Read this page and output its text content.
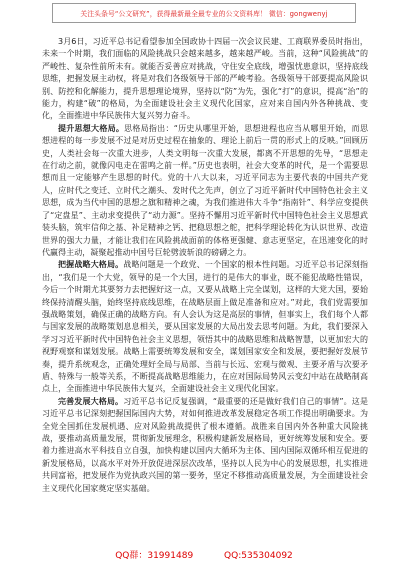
关注头条号“公文研究”，获得最新最全最专业的公文资料库！ 微信：gongwenyj

3月6日，习近平总书记看望参加全国政协十四届一次会议民建、工商联界委员时指出，未来一个时期，我们面临的风险挑战只会越来越多，越来越严峻。当前，这种“风险挑战”的严峻性、复杂性前所未有。就能否妥善应对挑战，守住安全底线，增强忧患意识，坚持底线思维，把握发展主动权，将是对我们各级领导干部的严峻考验。各级领导干部要提高风险识别、防控和化解能力，提升思想理论境界，坚持以“防”为先，强化“打”的意识，提高“治”的能力，构建“破”的格局，为全面建设社会主义现代化国家，应对来自国内外各种挑战、变化，全面推进中华民族伟大复兴努力奋斗。

提升思想大格局。思格局指出：“历史从哪里开始，思想进程也应当从哪里开始，而思想进程的每一步发展不过是对历史过程在抽象的、理论上前后一贯的形式上的反映。”回顾历史，人类社会每一次重大进步，人类文明每一次重大发展，都离不开思想的先导，“思想走在行动之前，就像闪电走在雷鸣之前一样。”历史也表明，社会大变革的时代，是一个需要思想而且一定能够产生思想的时代。党的十八大以来，习近平同志为主要代表的中国共产党人，应时代之变迁、立时代之潮头、发时代之先声，创立了习近平新时代中国特色社会主义思想，成为当代中国的思想之旗和精神之魂，为我们推进伟大斗争“指南针”、科学应变提供了“定盘星”、主动求变提供了“动力源”。坚持不懈用习近平新时代中国特色社会主义思想武装头脑，筑牢信仰之基、补足精神之钙、把稳思想之舵，把科学理论转化为认识世界、改造世界的强大力量，才能让我们在风险挑战面前的体格更强健、意志更坚定，在迅速变化的时代赢得主动，凝聚起推动中国号巨轮劈波斩浪的磅礴之力。

把握战略大格局。战略问题是一个政党、一个国家的根本性问题。习近平总书记深刻指出，“我们是一个大党，领导的是一个大国，进行的是伟大的事业，既不能犯战略性错误，今后一个时期尤其要努力去把握好这一点，又要从战略上完全谋划，这样的大党大国，要始终保持清醒头脑，始终坚持底线思维，在战略层面上做足准备和应对。”对此，我们党需要加强战略策划，确保正确的战略方向。有人会认为这是高层的事情，但事实上，我们每个人都与国家发展的战略策划息息相关，要从国家发展的大局出发去思考问题。为此，我们要深入学习习近平新时代中国特色社会主义思想，领悟其中的战略思维和战略智慧，以更加宏大的视野观察和谋划发展。战略上需要统筹发展和安全，谋划国家安全和发展，要把握好发展节奏，提升系统观念，正确处理好全局与局部、当前与长远、宏观与微观、主要矛盾与次要矛盾、特殊与一般等关系，不断提高战略思维能力，在应对国际局势风云变幻中站在战略制高点上，全面推进中华民族伟大复兴，全面建设社会主义现代化国家。

完善发展大格局。习近平总书记反复强调，“最重要的还是做好我们自己的事情”。这是习近平总书记深刻把握国际国内大势，对如何推进改革发展稳定各项工作提出明确要求。为全党全国抓住发展机遇、应对风险挑战提供了根本遵循。战胜来自国内外各种重大风险挑战，要推动高质量发展，贯彻新发展理念，积极构建新发展格局，更好统筹发展和安全。要着力推进高水平科技自立自强，加快构建以国内大循环为主体、国内国际双循环相互促进的新发展格局，以高水平对外开放促进深层次改革，坚持以人民为中心的发展思想，扎实推进共同富裕，把发展作为党执政兴国的第一要务，坚定不移推动高质量发展，为全面建设社会主义现代化国家奠定坚实基础。

QQ群：31991489	QQ:535304092
